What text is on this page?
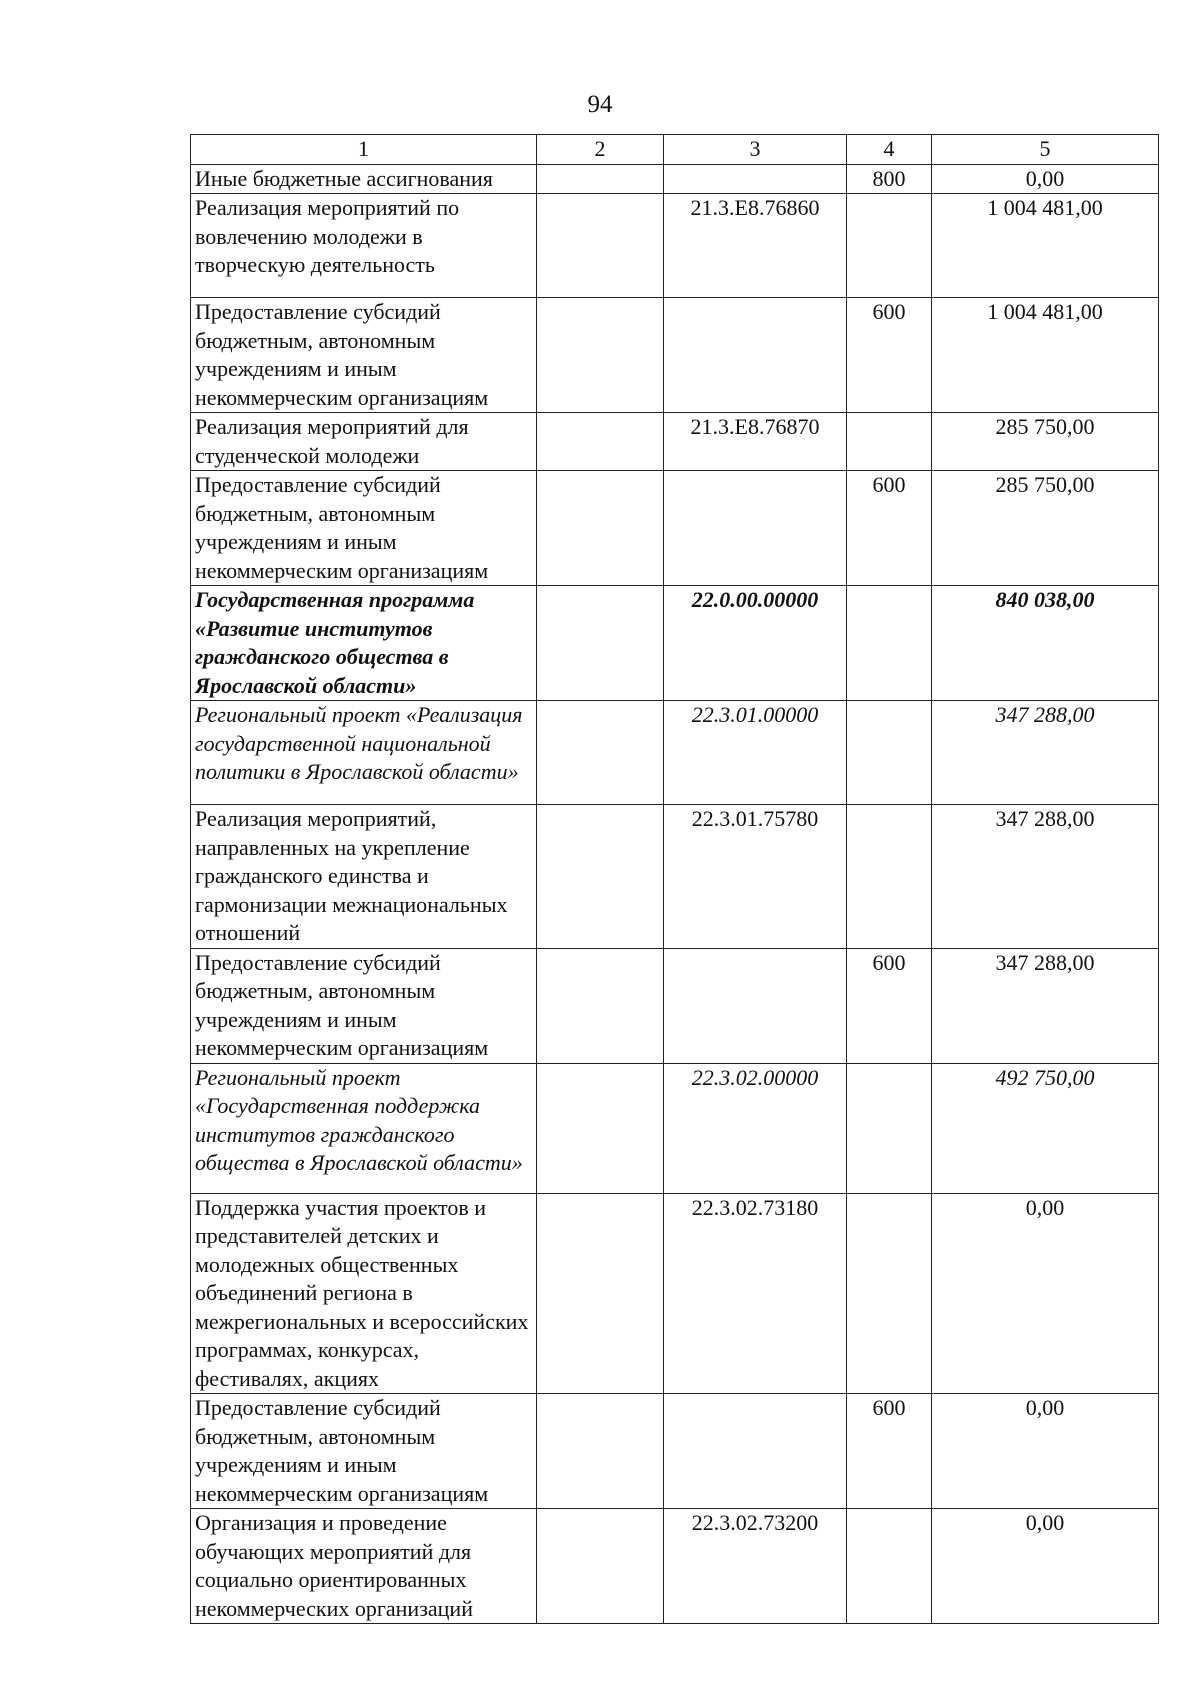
94
1	2	3	4	5
Иные бюджетные ассигнования			800	0,00
Реализация мероприятий по вовлечению молодежи в творческую деятельность		21.3.Е8.76860		1 004 481,00
Предоставление субсидий бюджетным, автономным учреждениям и иным некоммерческим организациям			600	1 004 481,00
Реализация мероприятий для студенческой молодежи		21.3.Е8.76870		285 750,00
Предоставление субсидий бюджетным, автономным учреждениям и иным некоммерческим организациям			600	285 750,00
Государственная программа «Развитие институтов гражданского общества в Ярославской области»		22.0.00.00000		840 038,00
Региональный проект «Реализация государственной национальной политики в Ярославской области»		22.3.01.00000		347 288,00
Реализация мероприятий, направленных на укрепление гражданского единства и гармонизации межнациональных отношений		22.3.01.75780		347 288,00
Предоставление субсидий бюджетным, автономным учреждениям и иным некоммерческим организациям			600	347 288,00
Региональный проект «Государственная поддержка институтов гражданского общества в Ярославской области»		22.3.02.00000		492 750,00
Поддержка участия проектов и представителей детских и молодежных общественных объединений региона в межрегиональных и всероссийских программах, конкурсах, фестивалях, акциях		22.3.02.73180		0,00
Предоставление субсидий бюджетным, автономным учреждениям и иным некоммерческим организациям			600	0,00
Организация и проведение обучающих мероприятий для социально ориентированных некоммерческих организаций		22.3.02.73200		0,00
